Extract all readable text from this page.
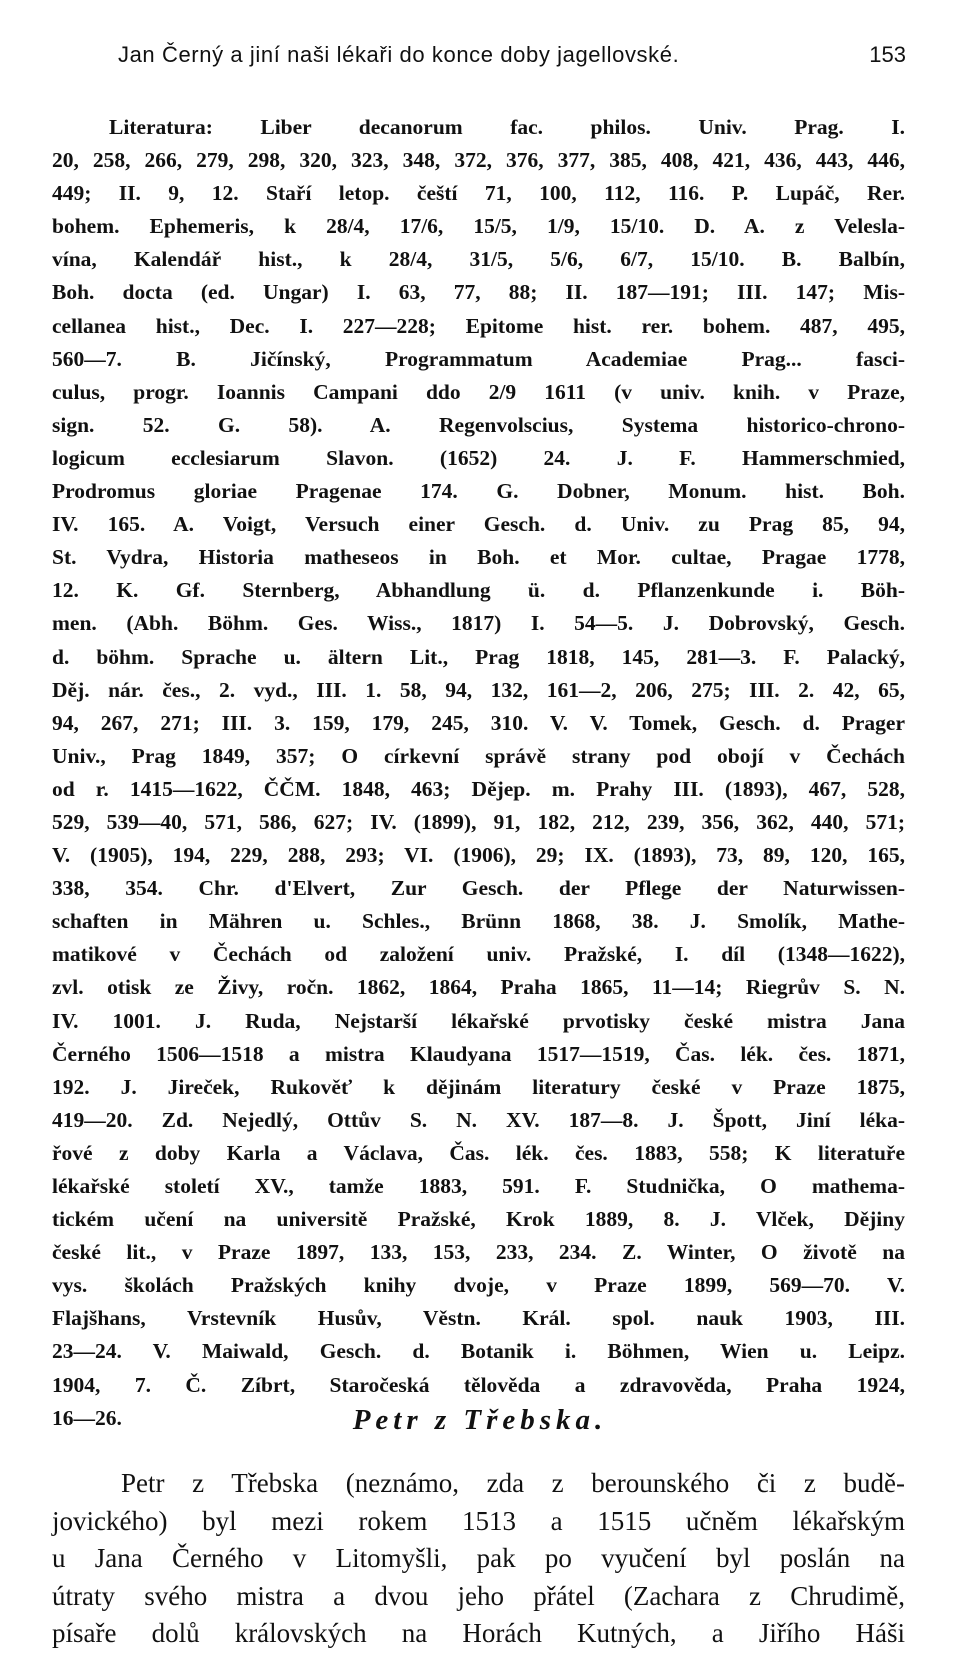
Jan Černý a jiní naši lékaři do konce doby jagellovské.	153
Literatura: Liber decanorum fac. philos. Univ. Prag. I.
20, 258, 266, 279, 298, 320, 323, 348, 372, 376, 377, 385, 408, 421, 436, 443, 446,
449; II. 9, 12. Staří letop. čeští 71, 100, 112, 116. P. Lupáč, Rer.
bohem. Ephemeris, k 28/4, 17/6, 15/5, 1/9, 15/10. D. A. z Veleslа-
vína, Kalendář hist., k 28/4, 31/5, 5/6, 6/7, 15/10. B. Balbín,
Boh. docta (ed. Ungar) I. 63, 77, 88; II. 187—191; III. 147; Mis-
cellanea hist., Dec. I. 227—228; Epitome hist. rer. bohem. 487, 495,
560—7. B. Jičínský, Programmatum Academiae Prag... fasci-
culus, progr. Ioannis Campani ddo 2/9 1611 (v univ. knih. v Praze,
sign. 52. G. 58). A. Regenvolscius, Systema historico-chrono-
logicum ecclesiarum Slavon. (1652) 24. J. F. Hammerschmied,
Prodromus gloriae Pragenae 174. G. Dobner, Monum. hist. Boh.
IV. 165. A. Voigt, Versuch einer Gesch. d. Univ. zu Prag 85, 94,
St. Vydra, Historia matheseos in Boh. et Mor. cultae, Pragae 1778,
12. K. Gf. Sternberg, Abhandlung ü. d. Pflanzenkunde i. Böh-
men. (Abh. Böhm. Ges. Wiss., 1817) I. 54—5. J. Dobrovský, Gesch.
d. böhm. Sprache u. ältern Lit., Prag 1818, 145, 281—3. F. Palacký,
Děj. nár. čes., 2. vyd., III. 1. 58, 94, 132, 161—2, 206, 275; III. 2. 42, 65,
94, 267, 271; III. 3. 159, 179, 245, 310. V. V. Tomek, Gesch. d. Prager
Univ., Prag 1849, 357; O církevní správě strany pod obojí v Čechách
od r. 1415—1622, ČČM. 1848, 463; Dějep. m. Prahy III. (1893), 467, 528,
529, 539—40, 571, 586, 627; IV. (1899), 91, 182, 212, 239, 356, 362, 440, 571;
V. (1905), 194, 229, 288, 293; VI. (1906), 29; IX. (1893), 73, 89, 120, 165,
338, 354. Chr. d'Elvert, Zur Gesch. der Pflege der Naturwissen-
schaften in Mähren u. Schles., Brünn 1868, 38. J. Smolík, Mathe-
matikové v Čechách od založení univ. Pražské, I. díl (1348—1622),
zvl. otisk ze Živy, ročn. 1862, 1864, Praha 1865, 11—14; Riegrův S. N.
IV. 1001. J. Ruda, Nejstarší lékařské prvotisky české mistra Jana
Černého 1506—1518 a mistra Klaudyana 1517—1519, Čas. lék. čes. 1871,
192. J. Jireček, Rukověť k dějinám literatury české v Praze 1875,
419—20. Zd. Nejedlý, Ottův S. N. XV. 187—8. J. Špott, Jiní léka-
řové z doby Karla a Václava, Čas. lék. čes. 1883, 558; K literatuře
lékařské století XV., tamže 1883, 591. F. Studnička, O mathema-
tickém učení na universitě Pražské, Krok 1889, 8. J. Vlček, Dějiny
české lit., v Praze 1897, 133, 153, 233, 234. Z. Winter, O životě na
vys. školách Pražských knihy dvoje, v Praze 1899, 569—70. V.
Flajšhans, Vrstevník Husův, Věstn. Král. spol. nauk 1903, III.
23—24. V. Maiwald, Gesch. d. Botanik i. Böhmen, Wien u. Leipz.
1904, 7. Č. Zíbrt, Staročeská tělověda a zdravověda, Praha 1924,
16—26.	Petr z Třebska.
Petr z Třebska (neznámo, zda z berounského či z budě-
jovického) byl mezi rokem 1513 a 1515 učněm lékařským
u Jana Černého v Litomyšli, pak po vyučení byl poslán na
útraty svého mistra a dvou jeho přátel (Zachara z Chrudimě,
písaře dolů královských na Horách Kutných, a Jiřího Háši
